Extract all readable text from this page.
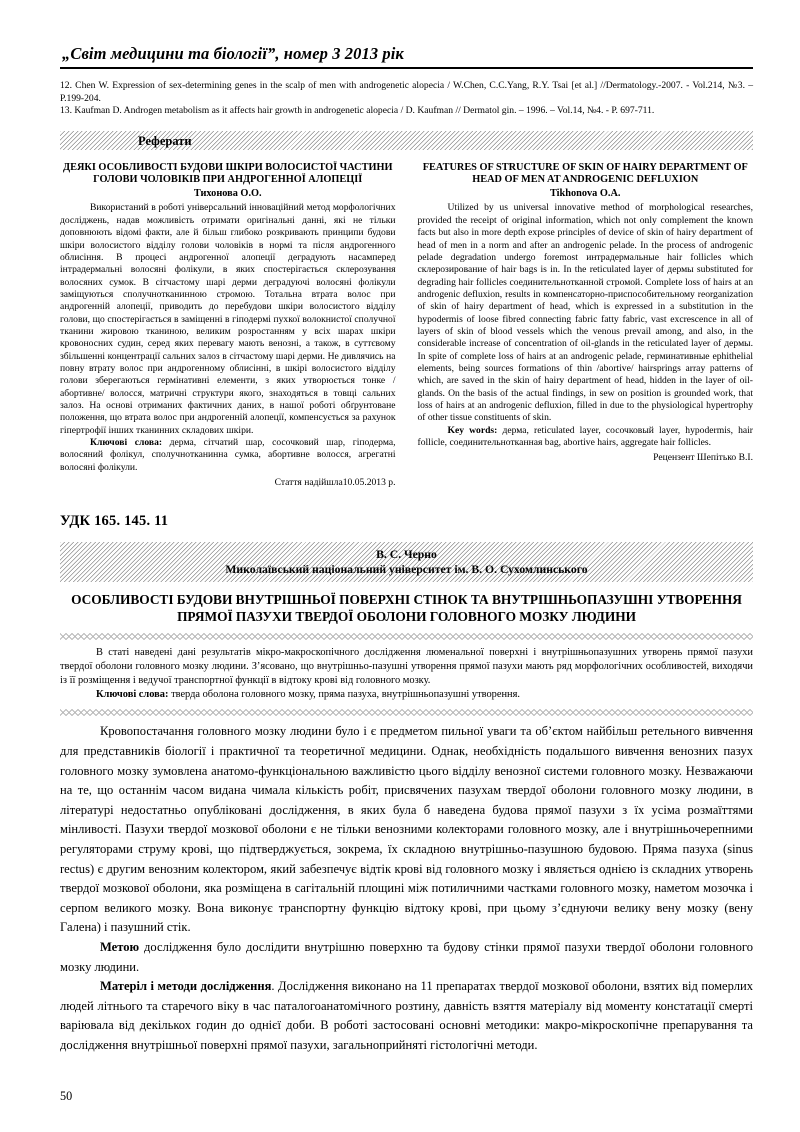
„Світ медицини та біології”, номер 3 2013 рік

12. Chen W. Expression of sex-determining genes in the scalp of men with androgenetic alopecia / W.Chen, C.C.Yang, R.Y. Tsai [et al.] //Dermatology.-2007. - Vol.214, №3. – Р.199-204.

13. Kaufman D. Androgen metabolism as it affects hair growth in androgenetic alopecia / D. Kaufman // Dermatol gin. – 1996. – Vol.14, №4. - Р. 697-711.

Реферати
ДЕЯКІ ОСОБЛИВОСТІ БУДОВИ ШКІРИ ВОЛОСИСТОЇ ЧАСТИНИ ГОЛОВИ ЧОЛОВІКІВ ПРИ АНДРОГЕННОЇ АЛОПЕЦІЇ
Тихонова О.О.

Використаний в роботі універсальний інноваційний метод морфологічних досліджень, надав можливість отримати оригінальні данні, які не тільки доповнюють відомі факти, але й більш глибоко розкривають принципи будови шкіри волосистого відділу голови чоловіків в нормі та після андрогенного облисіння. В процесі андрогенної алопеції деградують насамперед інтрадермальні волосяні фолікули, в яких спостерігається склерозування волосяних сумок. В сітчастому шарі дерми деградуючі волосяні фолікули заміщуються сполучнотканинною стромою. Тотальна втрата волос при андрогенній алопеції, приводить до перебудови шкіри волосистого відділу голови, що спостерігається в заміщенні в гіподермі пухкої волокнистої сполучної тканини жировою тканиною, великим розростанням у всіх шарах шкіри кровоносних судин, серед яких перевагу мають венозні, а також, в суттєвому збільшенні концентрації сальних залоз в сітчастому шарі дерми. Не дивлячись на повну втрату волос при андрогенному облисінні, в шкірі волосистого відділу голови зберегаються гермінативні елементи, з яких утворюється тонке /абортивне/ волосся, матричні структури якого, знаходяться в товщі сальних залоз. На основі отриманих фактичних даних, в нашої роботі обґрунтоване положення, що втрата волос при андрогенній алопеції, компенсується за рахунок гіпертрофії інших тканинних складових шкіри.

Ключові слова: дерма, сітчатий шар, сосочковий шар, гіподерма, волосяний фолікул, сполучнотканинна сумка, абортивне волосся, агрегатні волосяні фолікули.

Стаття надійшла10.05.2013 р.
FEATURES OF STRUCTURE OF SKIN OF HAIRY DEPARTMENT OF HEAD OF MEN AT ANDROGENIC DEFLUXION
Tikhonova O.A.

Utilized by us universal innovative method of morphological researches, provided the receipt of original information, which not only complement the known facts but also in more depth expose principles of device of skin of hairy department of head of men in a norm and after an androgenic pelade. In the process of androgenic pelade degradation undergo foremost интрадермальные hair follicles which склерозирование of hair bags is in. In the reticulated layer of дермы substituted for degrading hair follicles соединительнотканной стромой. Complete loss of hairs at an androgenic defluxion, results in компенсаторно-приспособительному reorganization of skin of hairy department of head, which is expressed in a substitution in the hypodermis of loose fibred connecting fabric fatty fabric, vast excrescence in all of layers of skin of blood vessels which the venous prevail among, and also, in the considerable increase of concentration of oil-glands in the reticulated layer of дермы. In spite of complete loss of hairs at an androgenic pelade, герминативные ephithelial elements, being sources formations of thin /abortive/ hairsprings array patterns of which, are saved in the skin of hairy department of head, hidden in the layer of oil-glands. On the basis of the actual findings, in sew on position is grounded work, that loss of hairs at an androgenic defluxion, filled in due to the physiological hypertrophy of other tissue constituents of skin.

Key words: дерма, reticulated layer, сосочковый layer, hypodermis, hair follicle, соединительнотканная bag, abortive hairs, aggregate hair follicles.

Рецензент Шепітько В.І.
УДК 165. 145. 11
В. С. Черно
Миколаївський національний університет ім. В. О. Сухомлинського
ОСОБЛИВОСТІ БУДОВИ ВНУТРІШНЬОЇ ПОВЕРХНІ СТІНОК ТА ВНУТРІШНЬОПАЗУШНІ УТВОРЕННЯ ПРЯМОЇ ПАЗУХИ ТВЕРДОЇ ОБОЛОНИ ГОЛОВНОГО МОЗКУ ЛЮДИНИ

В статі наведені дані результатів мікро-макроскопічного дослідження люменальної поверхні і внутрішньопазушних утворень прямої пазухи твердої оболони головного мозку людини. З’ясовано, що внутрішньо-пазушні утворення прямої пазухи мають ряд морфологічних особливостей, виходячи із її розміщення і ведучої транспортної функції в відтоку крові від головного мозку.

Ключові слова: тверда оболона головного мозку, пряма пазуха, внутрішньопазушні утворення.

Кровопостачання головного мозку людини було і є предметом пильної уваги та об’єктом найбільш ретельного вивчення для представників біології і практичної та теоретичної медицини. Однак, необхідність подальшого вивчення венозних пазух головного мозку зумовлена анатомо-функціональною важливістю цього відділу венозної системи головного мозку. Незважаючи на те, що останнім часом видана чимала кількість робіт, присвячених пазухам твердої оболони головного мозку людини, в літературі недостатньо опубліковані дослідження, в яких була б наведена будова прямої пазухи з їх усіма розмаїттями мінливості. Пазухи твердої мозкової оболони є не тільки венозними колекторами головного мозку, але і внутрішньочерепними регуляторами струму крові, що підтверджується, зокрема, їх складною внутрішньо-пазушною будовою. Пряма пазуха (sinus rectus) є другим венозним колектором, який забезпечує відтік крові від головного мозку і являється однією із складних утворень твердої мозкової оболони, яка розміщена в сагітальній площині між потиличними частками головного мозку, наметом мозочка і серпом великого мозку. Вона виконує транспортну функцію відтоку крові, при цьому з’єднуючи велику вену мозку (вену Галена) і пазушний стік.

Метою дослідження було дослідити внутрішню поверхню та будову стінки прямої пазухи твердої оболони головного мозку людини.

Матеріл і методи дослідження. Дослідження виконано на 11 препаратах твердої мозкової оболони, взятих від померлих людей літнього та старечого віку в час паталогоанатомічного розтину, давність взяття матеріалу від моменту констатації смерті варіювала від декількох годин до однієї доби. В роботі застосовані основні методики: макро-мікроскопічне препарування та дослідження внутрішньої поверхні прямої пазухи, загальноприйняті гістологічні методи.

50
